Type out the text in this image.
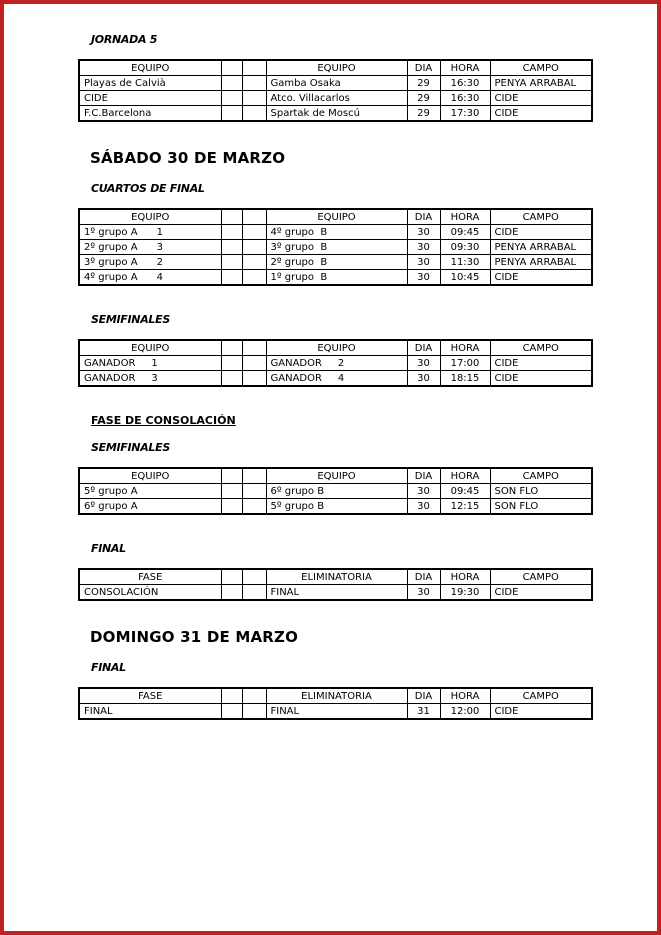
JORNADA 5
EQUIPO			EQUIPO	DIA	HORA	CAMPO
Playas de Calvià			Gamba Osaka	29	16:30	PENYA ARRABAL
CIDE			Atco. Villacarlos	29	16:30	CIDE
F.C.Barcelona			Spartak de Moscú	29	17:30	CIDE
SÁBADO 30 DE MARZO
CUARTOS DE FINAL
EQUIPO			EQUIPO	DIA	HORA	CAMPO
1º grupo A      1			4º grupo  B	30	09:45	CIDE
2º grupo A      3			3º grupo  B	30	09:30	PENYA ARRABAL
3º grupo A      2			2º grupo  B	30	11:30	PENYA ARRABAL
4º grupo A      4			1º grupo  B	30	10:45	CIDE
SEMIFINALES
EQUIPO			EQUIPO	DIA	HORA	CAMPO
GANADOR     1			GANADOR     2	30	17:00	CIDE
GANADOR     3			GANADOR     4	30	18:15	CIDE
FASE DE CONSOLACIÓN
SEMIFINALES
EQUIPO			EQUIPO	DIA	HORA	CAMPO
5º grupo A			6º grupo B	30	09:45	SON FLO
6º grupo A			5º grupo B	30	12:15	SON FLO
FINAL
FASE			ELIMINATORIA	DIA	HORA	CAMPO
CONSOLACIÓN			FINAL	30	19:30	CIDE
DOMINGO 31 DE MARZO
FINAL
FASE			ELIMINATORIA	DIA	HORA	CAMPO
FINAL			FINAL	31	12:00	CIDE
